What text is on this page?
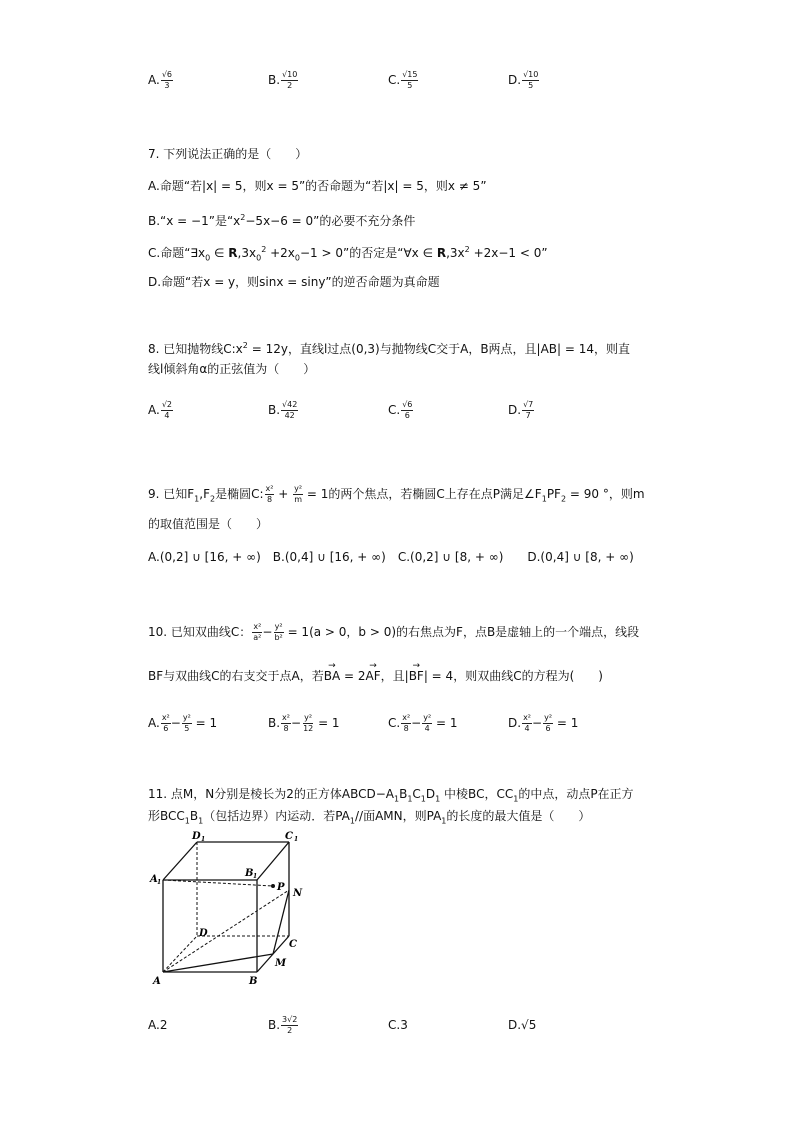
A. $\frac{√6}{3}$	B. $\frac{√10}{2}$	C. $\frac{√15}{5}$	D. $\frac{√10}{5}$
7. 下列说法正确的是（　　）
A.命题“若|x| = 5，则x = 5”的否命题为“若|x| = 5，则x ≠ 5”
B.“x = −1”是“$x^2-5x-6 = 0$”的必要不充分条件
C.命题“$\exists x_0$ ∈ $R,3x_0^2 +2x_0-1 > 0$”的否定是“∀x ∈ $R,3x^2 +2x-1 < 0$”
D.命题“若x = y，则sinx = siny”的逆否命题为真命题
8. 已知抛物线$C:x^2 = 12y$，直线l过点(0,3)与抛物线C交于A，B两点，且|AB| = 14，则直
线l倾斜角α的正弦值为（　　）
A. $\frac{√2}{4}$	B. $\frac{√42}{42}$	C. $\frac{√6}{6}$	D. $\frac{√7}{7}$
9. 已知$F_1,F_2$是椭圆C: $\frac{\text{x²}}{8} + \frac{\text{y²}}{m} = 1$的两个焦点，若椭圆C上存在点P满足$\angle F_1PF_2 = 90$ °，则m
的取值范围是（　　）
A.(0,2] ∪ [16, + ∞)　B.(0,4] ∪ [16, + ∞)　C.(0,2] ∪ [8, + ∞)　　D.(0,4] ∪ [8, + ∞)
10. 已知双曲线C： $\frac{\text{x²}}{\text{a²}} - \frac{\text{y²}}{\text{b²}} = 1(a > 0$，b > 0)的右焦点为F，点B是虚轴上的一个端点，线段
BF与双曲线C的右支交于点A，若→ BA = 2→ AF，且|→ BF| = 4，则双曲线C的方程为(　　)
A. $\frac{\text{x²}}{6} - \frac{\text{y²}}{5} = 1$	B. $\frac{\text{x²}}{8} - \frac{\text{y²}}{12} = 1$	C. $\frac{\text{x²}}{8} - \frac{\text{y²}}{4} = 1$	D. $\frac{\text{x²}}{4} - \frac{\text{y²}}{6} = 1$
11. 点M，N分别是棱长为2的正方体$ABCD-A_1B_1C_1D_1$ 中棱BC，$CC_1$的中点，动点P在正方
形$BCC_1B_1$（包括边界）内运动．若$PA_1//$面AMN，则$PA_1$的长度的最大值是（　　）
D 1	C 1
A 1
B 1
P
N
D
C
A	B
M
A.2	B. $\frac{3√2}{2}$	C.3	D.√5
